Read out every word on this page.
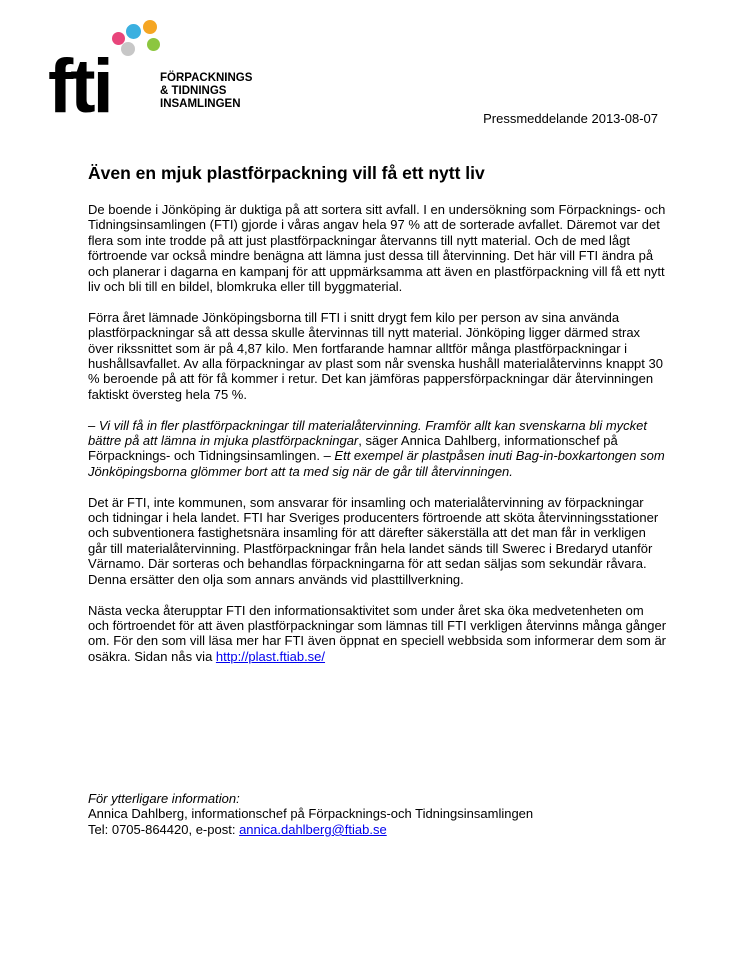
fti	FÖRPACKNINGS
& TIDNINGS
INSAMLINGEN
Pressmeddelande 2013-08-07
Även en mjuk plastförpackning vill få ett nytt liv

De boende i Jönköping är duktiga på att sortera sitt avfall. I en undersökning som Förpacknings- och Tidningsinsamlingen (FTI) gjorde i våras angav hela 97 % att de sorterade avfallet. Däremot var det flera som inte trodde på att just plastförpackningar återvanns till nytt material. Och de med lågt förtroende var också mindre benägna att lämna just dessa till återvinning. Det här vill FTI ändra på och planerar i dagarna en kampanj för att uppmärksamma att även en plastförpackning vill få ett nytt liv och bli till en bildel, blomkruka eller till byggmaterial.

Förra året lämnade Jönköpingsborna till FTI i snitt drygt fem kilo per person av sina använda plastförpackningar så att dessa skulle återvinnas till nytt material. Jönköping ligger därmed strax över rikssnittet som är på 4,87 kilo. Men fortfarande hamnar alltför många plastförpackningar i hushållsavfallet. Av alla förpackningar av plast som når svenska hushåll materialåtervinns knappt 30 % beroende på att för få kommer i retur. Det kan jämföras pappersförpackningar där återvinningen faktiskt översteg hela 75 %.

– Vi vill få in fler plastförpackningar till materialåtervinning. Framför allt kan svenskarna bli mycket bättre på att lämna in mjuka plastförpackningar, säger Annica Dahlberg, informationschef på Förpacknings- och Tidningsinsamlingen. – Ett exempel är plastpåsen inuti Bag-in-boxkartongen som Jönköpingsborna glömmer bort att ta med sig när de går till återvinningen.

Det är FTI, inte kommunen, som ansvarar för insamling och materialåtervinning av förpackningar och tidningar i hela landet. FTI har Sveriges producenters förtroende att sköta återvinningsstationer och subventionera fastighetsnära insamling för att därefter säkerställa att det man får in verkligen går till materialåtervinning. Plastförpackningar från hela landet sänds till Swerec i Bredaryd utanför Värnamo. Där sorteras och behandlas förpackningarna för att sedan säljas som sekundär råvara. Denna ersätter den olja som annars används vid plasttillverkning.

Nästa vecka återupptar FTI den informationsaktivitet som under året ska öka medvetenheten om och förtroendet för att även plastförpackningar som lämnas till FTI verkligen återvinns många gånger om. För den som vill läsa mer har FTI även öppnat en speciell webbsida som informerar dem som är osäkra. Sidan nås via http://plast.ftiab.se/

För ytterligare information:
Annica Dahlberg, informationschef på Förpacknings-och Tidningsinsamlingen
Tel: 0705-864420, e-post: annica.dahlberg@ftiab.se
